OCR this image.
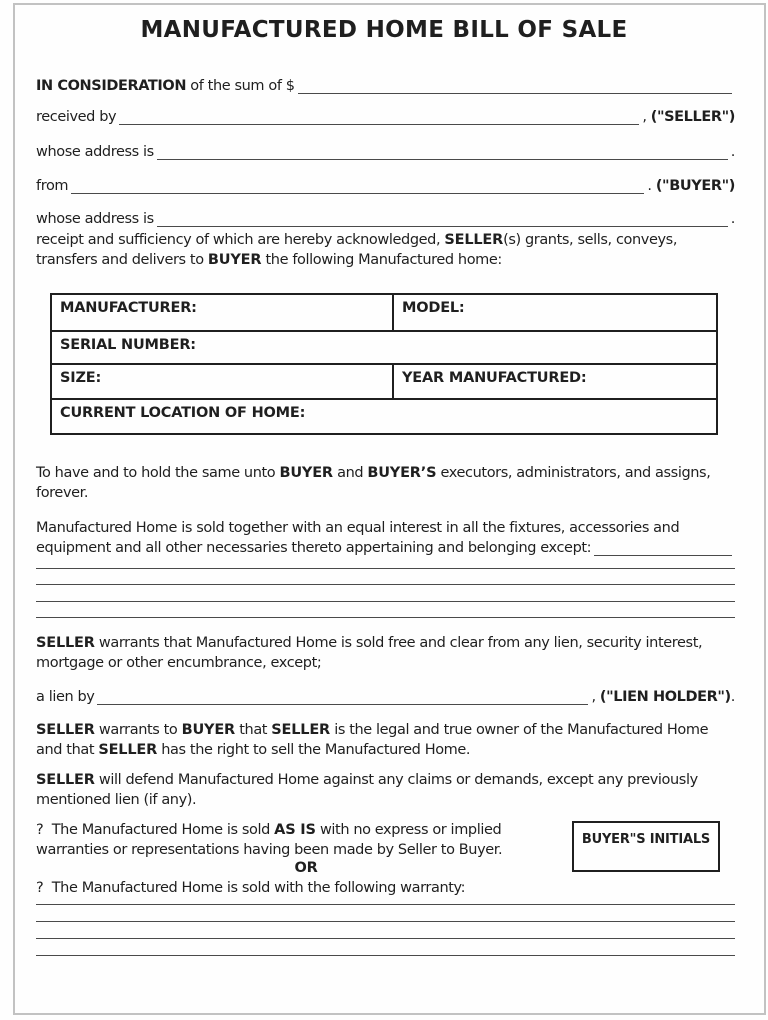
MANUFACTURED HOME BILL OF SALE
IN CONSIDERATION of the sum of $
received by	, ("SELLER")
whose address is	.
from	. ("BUYER")
whose address is	.
receipt and sufficiency of which are hereby acknowledged, SELLER(s) grants, sells, conveys,
transfers and delivers to BUYER the following Manufactured home:
MANUFACTURER:	MODEL:
SERIAL NUMBER:
SIZE:	YEAR MANUFACTURED:
CURRENT LOCATION OF HOME:
To have and to hold the same unto BUYER and BUYER’S executors, administrators, and assigns,
forever.
Manufactured Home is sold together with an equal interest in all the fixtures, accessories and
equipment and all other necessaries thereto appertaining and belonging except:
SELLER warrants that Manufactured Home is sold free and clear from any lien, security interest,
mortgage or other encumbrance, except;
a lien by	, ("LIEN HOLDER").
SELLER warrants to BUYER that SELLER is the legal and true owner of the Manufactured Home
and that SELLER has the right to sell the Manufactured Home.
SELLER will defend Manufactured Home against any claims or demands, except any previously
mentioned lien (if any).
?  The Manufactured Home is sold AS IS with no express or implied
warranties or representations having been made by Seller to Buyer.
OR
?  The Manufactured Home is sold with the following warranty:
BUYER"S INITIALS
